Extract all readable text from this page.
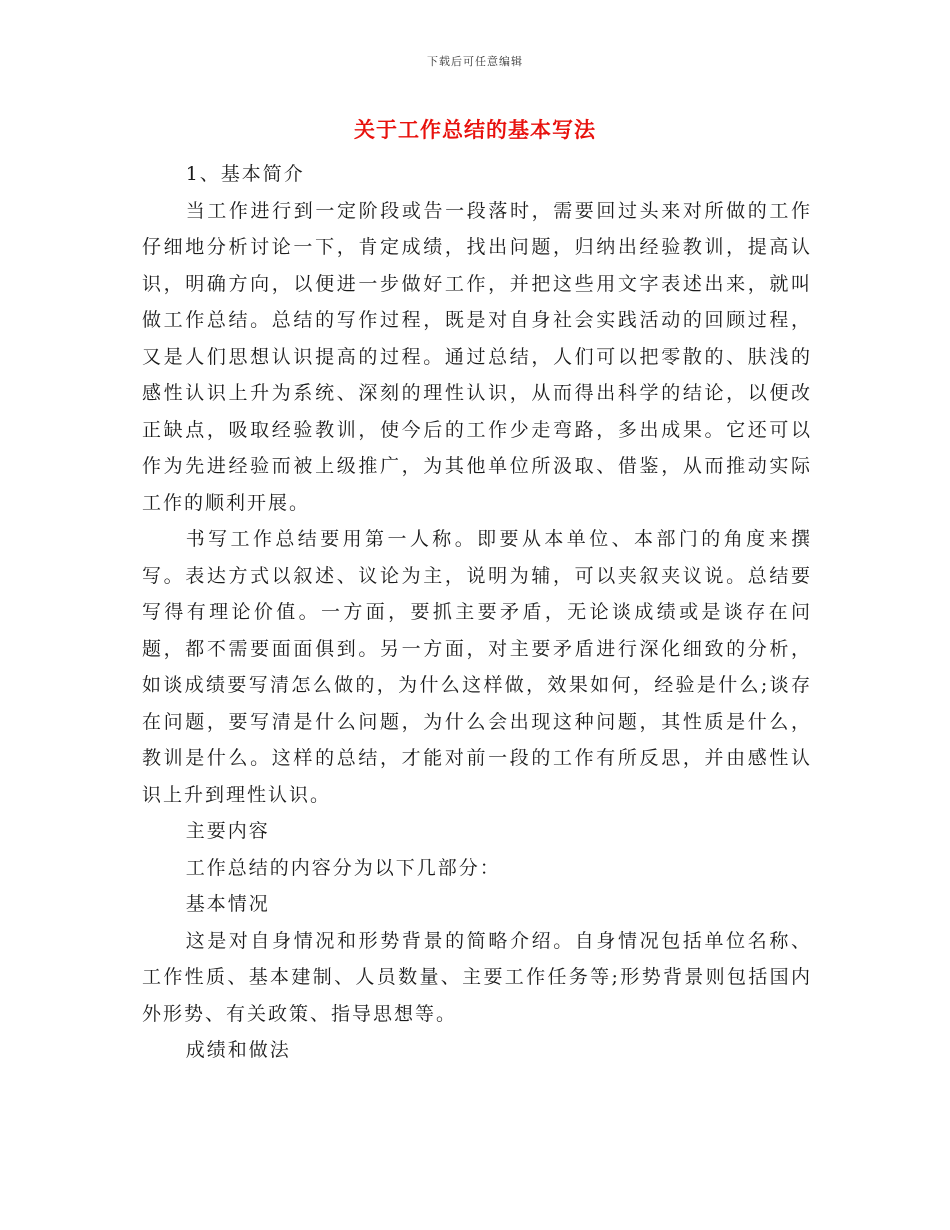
下载后可任意编辑
关于工作总结的基本写法

1、基本简介

当工作进行到一定阶段或告一段落时，需要回过头来对所做的工作仔细地分析讨论一下，肯定成绩，找出问题，归纳出经验教训，提高认识，明确方向，以便进一步做好工作，并把这些用文字表述出来，就叫做工作总结。总结的写作过程，既是对自身社会实践活动的回顾过程，又是人们思想认识提高的过程。通过总结，人们可以把零散的、肤浅的感性认识上升为系统、深刻的理性认识，从而得出科学的结论，以便改正缺点，吸取经验教训，使今后的工作少走弯路，多出成果。它还可以作为先进经验而被上级推广，为其他单位所汲取、借鉴，从而推动实际工作的顺利开展。

书写工作总结要用第一人称。即要从本单位、本部门的角度来撰写。表达方式以叙述、议论为主，说明为辅，可以夹叙夹议说。总结要写得有理论价值。一方面，要抓主要矛盾，无论谈成绩或是谈存在问题，都不需要面面俱到。另一方面，对主要矛盾进行深化细致的分析，如谈成绩要写清怎么做的，为什么这样做，效果如何，经验是什么;谈存在问题，要写清是什么问题，为什么会出现这种问题，其性质是什么，教训是什么。这样的总结，才能对前一段的工作有所反思，并由感性认识上升到理性认识。

主要内容

工作总结的内容分为以下几部分：

基本情况

这是对自身情况和形势背景的简略介绍。自身情况包括单位名称、工作性质、基本建制、人员数量、主要工作任务等;形势背景则包括国内外形势、有关政策、指导思想等。

成绩和做法
